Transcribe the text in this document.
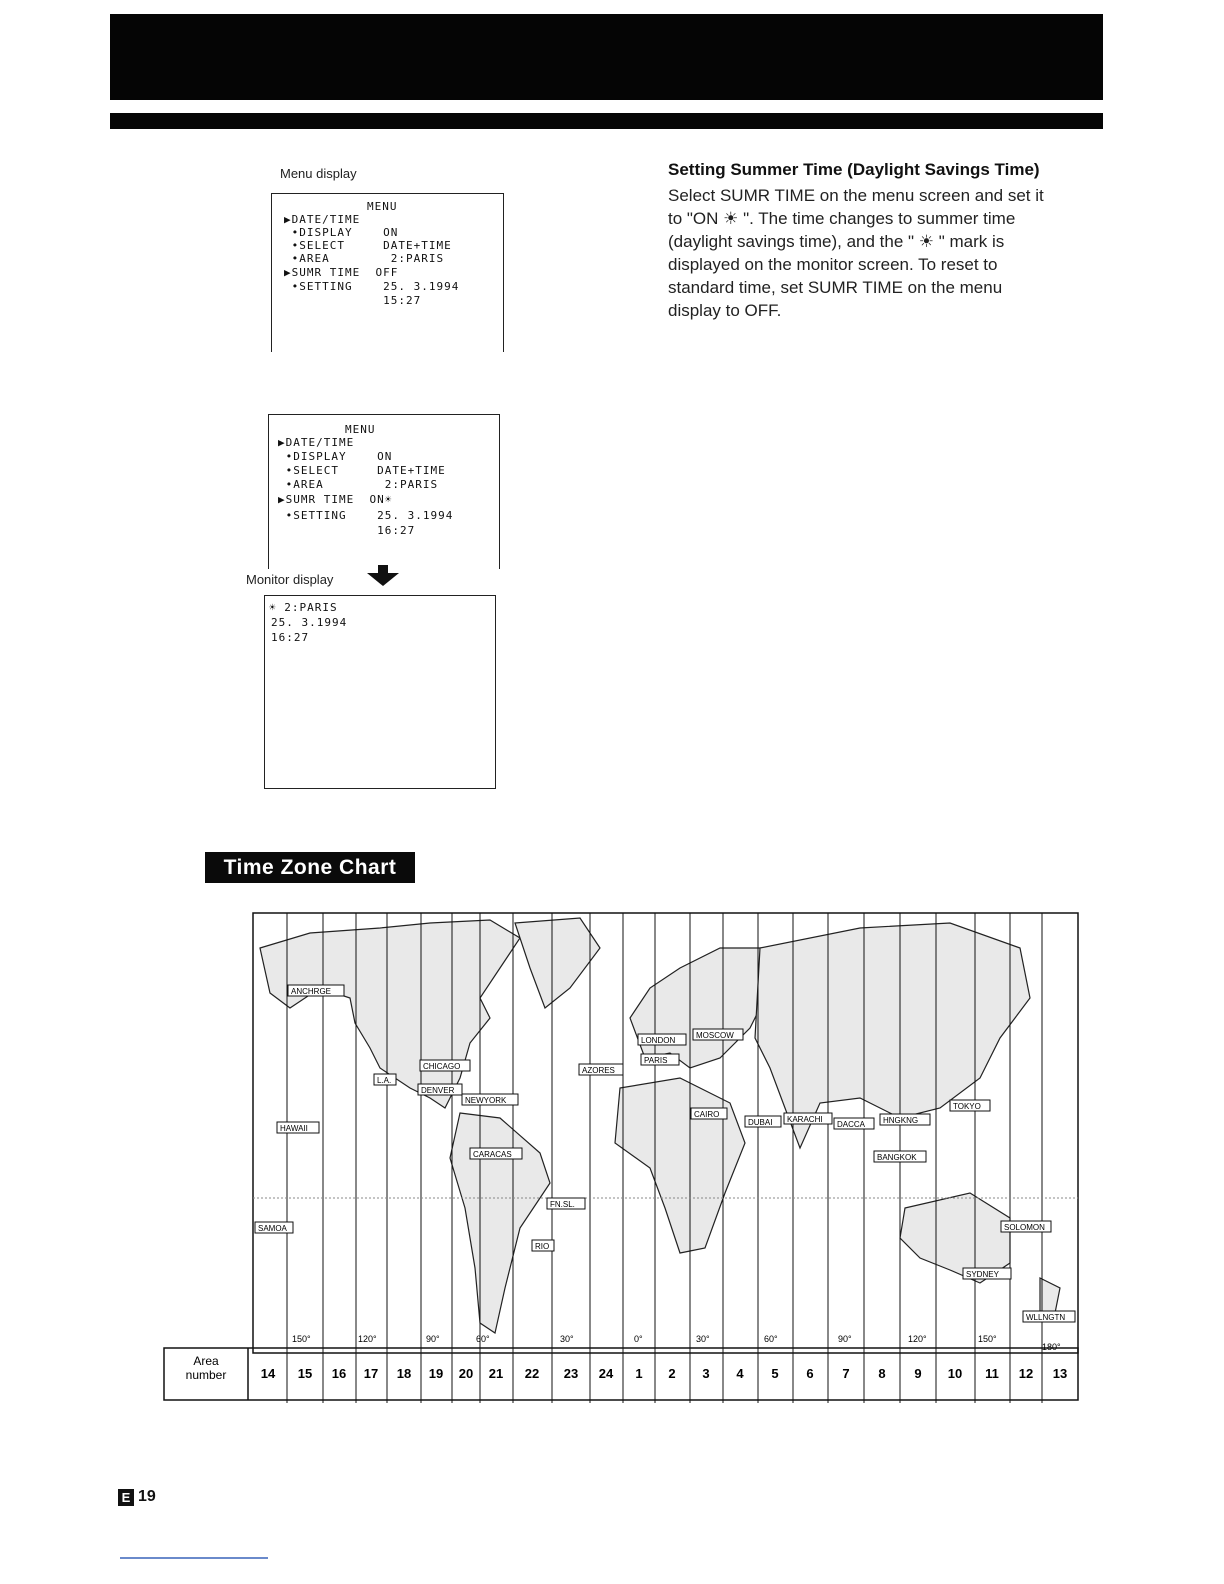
Menu display
MENU
▶DATE/TIME
•DISPLAY    ON
•SELECT     DATE+TIME
•AREA        2:PARIS
▶SUMR TIME  OFF
•SETTING    25. 3.1994
15:27
MENU
▶DATE/TIME
•DISPLAY    ON
•SELECT     DATE+TIME
•AREA        2:PARIS
▶SUMR TIME  ON☀
•SETTING    25. 3.1994
16:27
Monitor display
☀ 2:PARIS
25. 3.1994
16:27
Setting Summer Time (Daylight Savings Time)
Select SUMR TIME on the menu screen and set it
to "ON ☀ ". The time changes to summer time
(daylight savings time), and the " ☀ " mark is
displayed on the monitor screen. To reset to
standard time, set SUMR TIME on the menu
display to OFF.
Time Zone Chart
Area
number
150°	120°	90°	60°	30°	0°	30°	60°	90°	120°	150°
180°
14 15 16 17 18 19 20 21 22 23 24 1 2 3 4 5 6 7 8 9 10 11 12 13
ANCHRGE
HAWAII
SAMOA
L.A.
CHICAGO
DENVER
NEWYORK
CARACAS
RIO
FN.SL.
AZORES
LONDON
PARIS
MOSCOW
CAIRO
DUBAI KARACHI
DACCA HNGKNG
BANGKOK
TOKYO
SOLOMON
SYDNEY
WLLNGTN
E 19
